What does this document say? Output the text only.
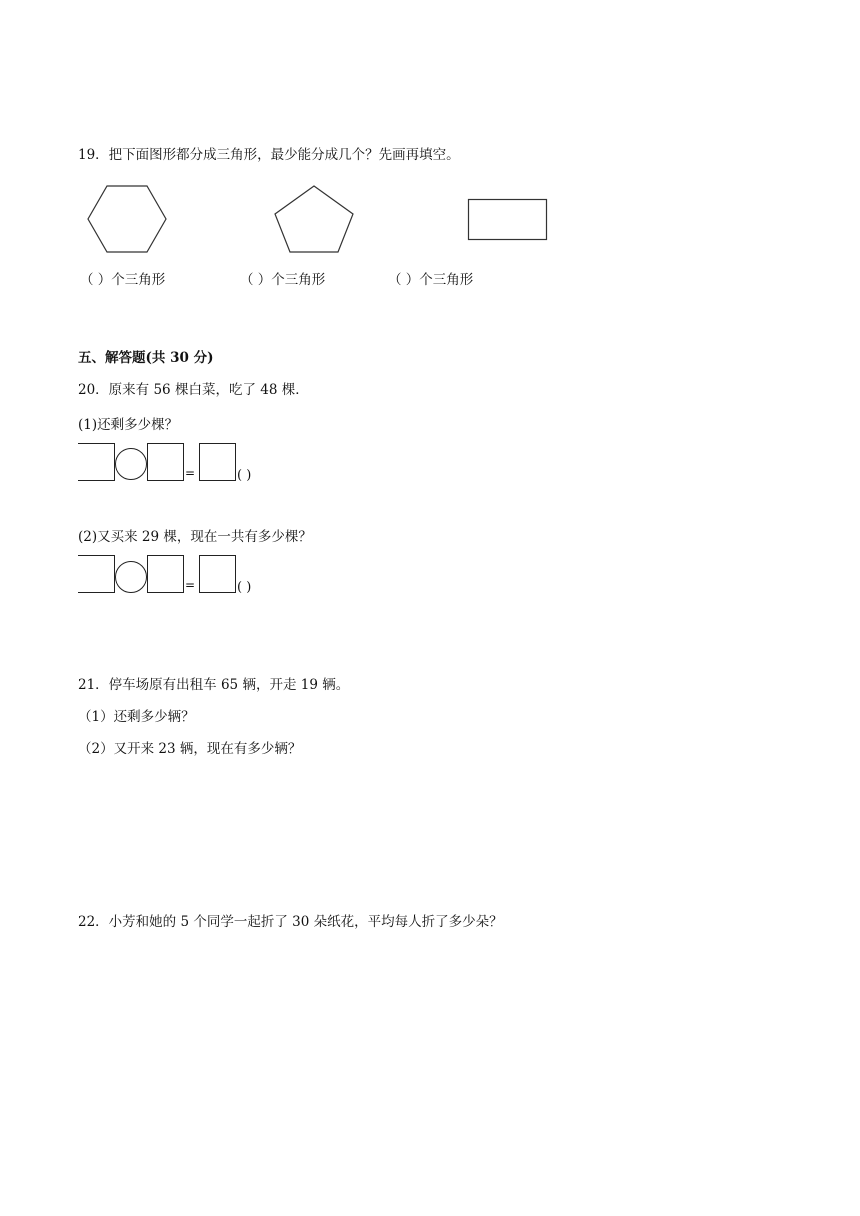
19．把下面图形都分成三角形，最少能分成几个？先画再填空。
（ ）个三角形	（ ）个三角形	（ ）个三角形
五、解答题(共 30 分)
20．原来有 56 棵白菜，吃了 48 棵．
(1)还剩多少棵？
=	( )
(2)又买来 29 棵，现在一共有多少棵？
=	( )
21．停车场原有出租车 65 辆，开走 19 辆。
（1）还剩多少辆？
（2）又开来 23 辆，现在有多少辆？
22．小芳和她的 5 个同学一起折了 30 朵纸花，平均每人折了多少朵？
